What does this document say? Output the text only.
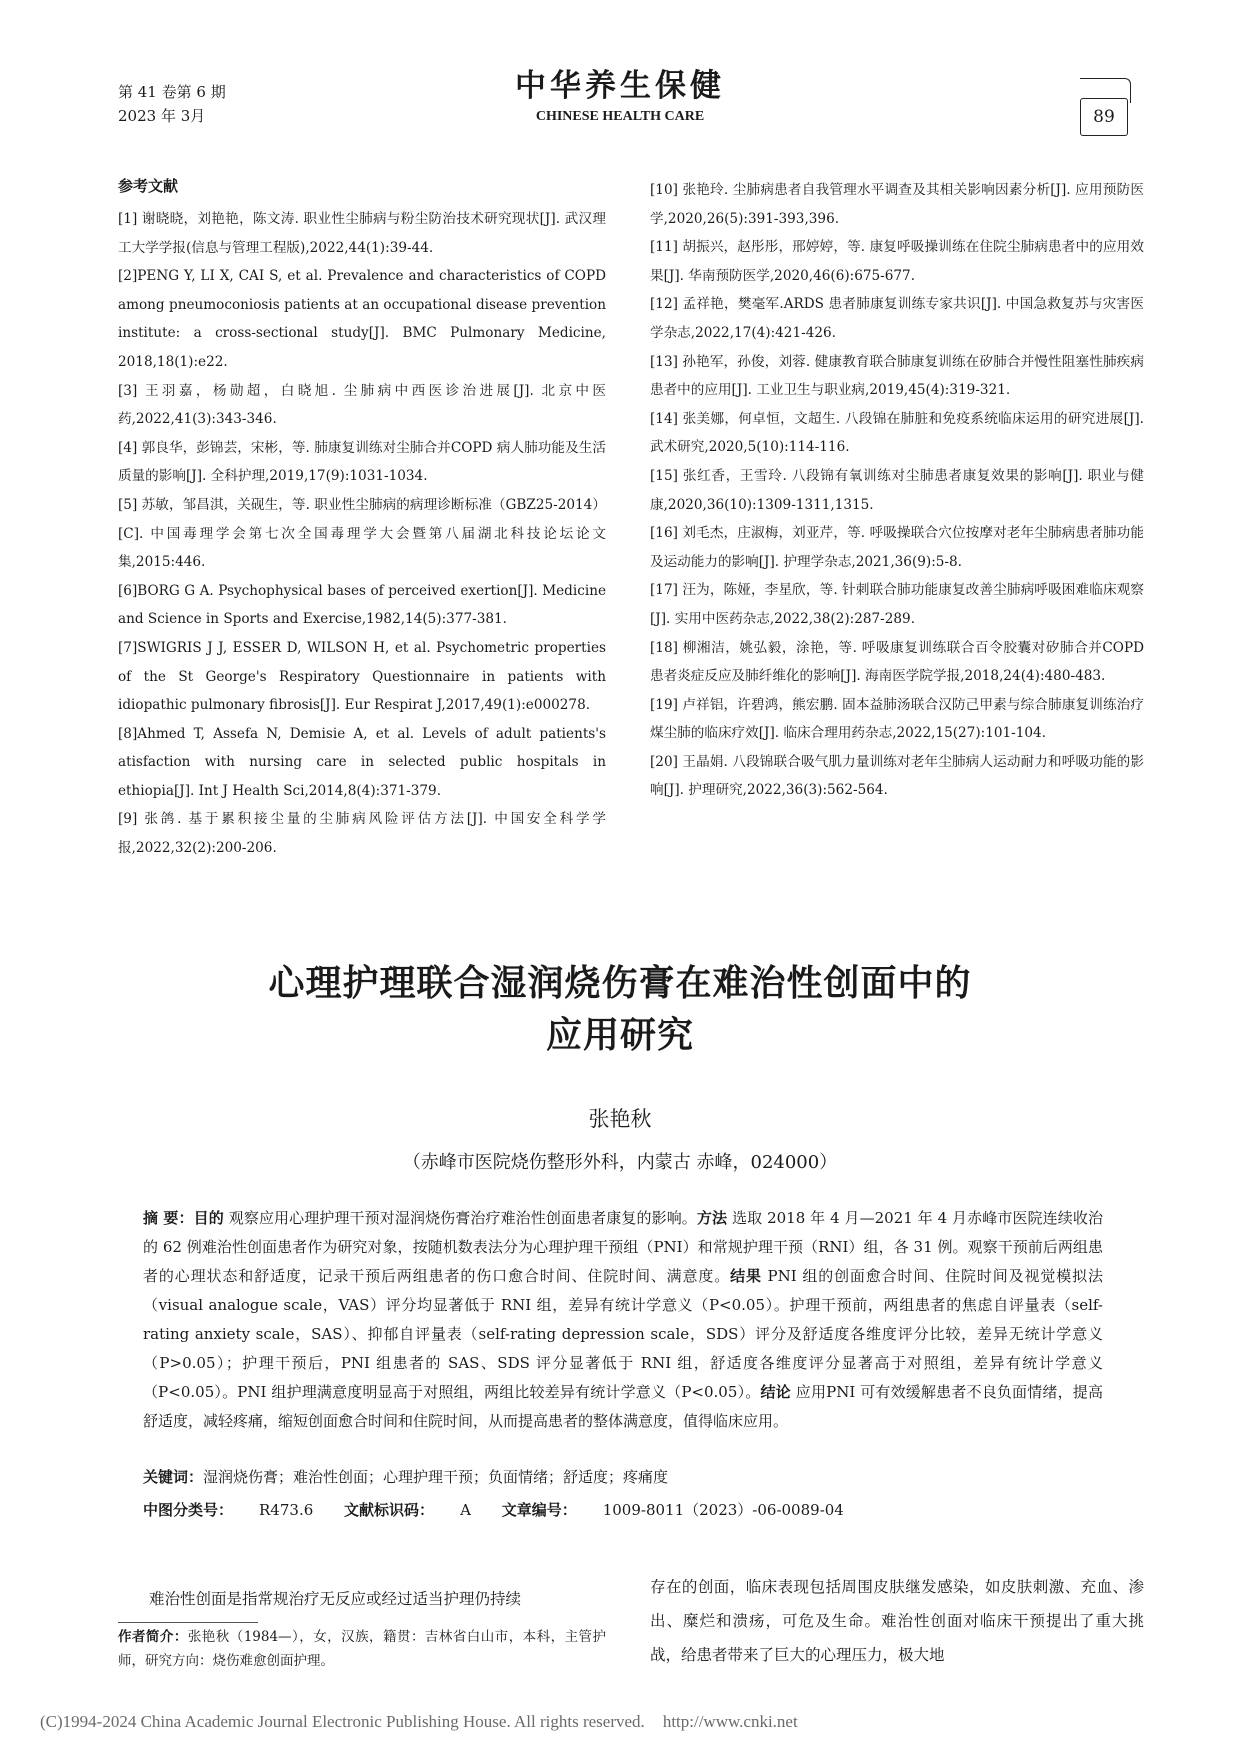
第 41 卷第 6 期
2023 年 3月
中华养生保健
CHINESE HEALTH CARE	89
参考文献

[1] 谢晓晓，刘艳艳，陈文涛. 职业性尘肺病与粉尘防治技术研究现状[J]. 武汉理工大学学报(信息与管理工程版),2022,44(1):39-44.

[2]PENG Y, LI X, CAI S, et al. Prevalence and characteristics of COPD among pneumoconiosis patients at an occupational disease prevention institute: a cross-sectional study[J]. BMC Pulmonary Medicine, 2018,18(1):e22.

[3] 王羽嘉，杨勋超，白晓旭. 尘肺病中西医诊治进展[J]. 北京中医药,2022,41(3):343-346.

[4] 郭良华，彭锦芸，宋彬，等. 肺康复训练对尘肺合并COPD 病人肺功能及生活质量的影响[J]. 全科护理,2019,17(9):1031-1034.

[5] 苏敏，邹昌淇，关砚生，等. 职业性尘肺病的病理诊断标准（GBZ25-2014）[C]. 中国毒理学会第七次全国毒理学大会暨第八届湖北科技论坛论文集,2015:446.

[6]BORG G A. Psychophysical bases of perceived exertion[J]. Medicine and Science in Sports and Exercise,1982,14(5):377-381.

[7]SWIGRIS J J, ESSER D, WILSON H, et al. Psychometric properties of the St George's Respiratory Questionnaire in patients with idiopathic pulmonary fibrosis[J]. Eur Respirat J,2017,49(1):e000278.

[8]Ahmed T, Assefa N, Demisie A, et al. Levels of adult patients's atisfaction with nursing care in selected public hospitals in ethiopia[J]. Int J Health Sci,2014,8(4):371-379.

[9] 张鸽. 基于累积接尘量的尘肺病风险评估方法[J]. 中国安全科学学报,2022,32(2):200-206.

[10] 张艳玲. 尘肺病患者自我管理水平调查及其相关影响因素分析[J]. 应用预防医学,2020,26(5):391-393,396.

[11] 胡振兴，赵彤彤，邢婷婷，等. 康复呼吸操训练在住院尘肺病患者中的应用效果[J]. 华南预防医学,2020,46(6):675-677.

[12] 孟祥艳，樊毫军.ARDS 患者肺康复训练专家共识[J]. 中国急救复苏与灾害医学杂志,2022,17(4):421-426.

[13] 孙艳军，孙俊，刘蓉. 健康教育联合肺康复训练在矽肺合并慢性阻塞性肺疾病患者中的应用[J]. 工业卫生与职业病,2019,45(4):319-321.

[14] 张美娜，何卓恒，文超生. 八段锦在肺脏和免疫系统临床运用的研究进展[J]. 武术研究,2020,5(10):114-116.

[15] 张红香，王雪玲. 八段锦有氧训练对尘肺患者康复效果的影响[J]. 职业与健康,2020,36(10):1309-1311,1315.

[16] 刘毛杰，庄淑梅，刘亚芹，等. 呼吸操联合穴位按摩对老年尘肺病患者肺功能及运动能力的影响[J]. 护理学杂志,2021,36(9):5-8.

[17] 汪为，陈娅，李星欣，等. 针刺联合肺功能康复改善尘肺病呼吸困难临床观察[J]. 实用中医药杂志,2022,38(2):287-289.

[18] 柳湘洁，姚弘毅，涂艳，等. 呼吸康复训练联合百令胶囊对矽肺合并COPD 患者炎症反应及肺纤维化的影响[J]. 海南医学院学报,2018,24(4):480-483.

[19] 卢祥铝，许碧鸿，熊宏鹏. 固本益肺汤联合汉防己甲素与综合肺康复训练治疗煤尘肺的临床疗效[J]. 临床合理用药杂志,2022,15(27):101-104.

[20] 王晶娟. 八段锦联合吸气肌力量训练对老年尘肺病人运动耐力和呼吸功能的影响[J]. 护理研究,2022,36(3):562-564.

心理护理联合湿润烧伤膏在难治性创面中的
应用研究
张艳秋
（赤峰市医院烧伤整形外科，内蒙古 赤峰，024000）
摘 要：目的 观察应用心理护理干预对湿润烧伤膏治疗难治性创面患者康复的影响。方法 选取 2018 年 4 月—2021 年 4 月赤峰市医院连续收治的 62 例难治性创面患者作为研究对象，按随机数表法分为心理护理干预组（PNI）和常规护理干预（RNI）组，各 31 例。观察干预前后两组患者的心理状态和舒适度，记录干预后两组患者的伤口愈合时间、住院时间、满意度。结果 PNI 组的创面愈合时间、住院时间及视觉模拟法（visual analogue scale，VAS）评分均显著低于 RNI 组，差异有统计学意义（P<0.05）。护理干预前，两组患者的焦虑自评量表（self-rating anxiety scale，SAS）、抑郁自评量表（self-rating depression scale，SDS）评分及舒适度各维度评分比较，差异无统计学意义（P>0.05）；护理干预后，PNI 组患者的 SAS、SDS 评分显著低于 RNI 组，舒适度各维度评分显著高于对照组，差异有统计学意义（P<0.05）。PNI 组护理满意度明显高于对照组，两组比较差异有统计学意义（P<0.05）。结论 应用PNI 可有效缓解患者不良负面情绪，提高舒适度，减轻疼痛，缩短创面愈合时间和住院时间，从而提高患者的整体满意度，值得临床应用。
关键词：湿润烧伤膏；难治性创面；心理护理干预；负面情绪；舒适度；疼痛度
中图分类号： R473.6 文献标识码： A 文章编号： 1009-8011（2023）-06-0089-04
难治性创面是指常规治疗无反应或经过适当护理仍持续
作者简介：张艳秋（1984—），女，汉族，籍贯：吉林省白山市，本科，主管护师，研究方向：烧伤难愈创面护理。
存在的创面，临床表现包括周围皮肤继发感染，如皮肤刺激、充血、渗出、糜烂和溃疡，可危及生命。难治性创面对临床干预提出了重大挑战，给患者带来了巨大的心理压力，极大地
(C)1994-2024 China Academic Journal Electronic Publishing House. All rights reserved. http://www.cnki.net
